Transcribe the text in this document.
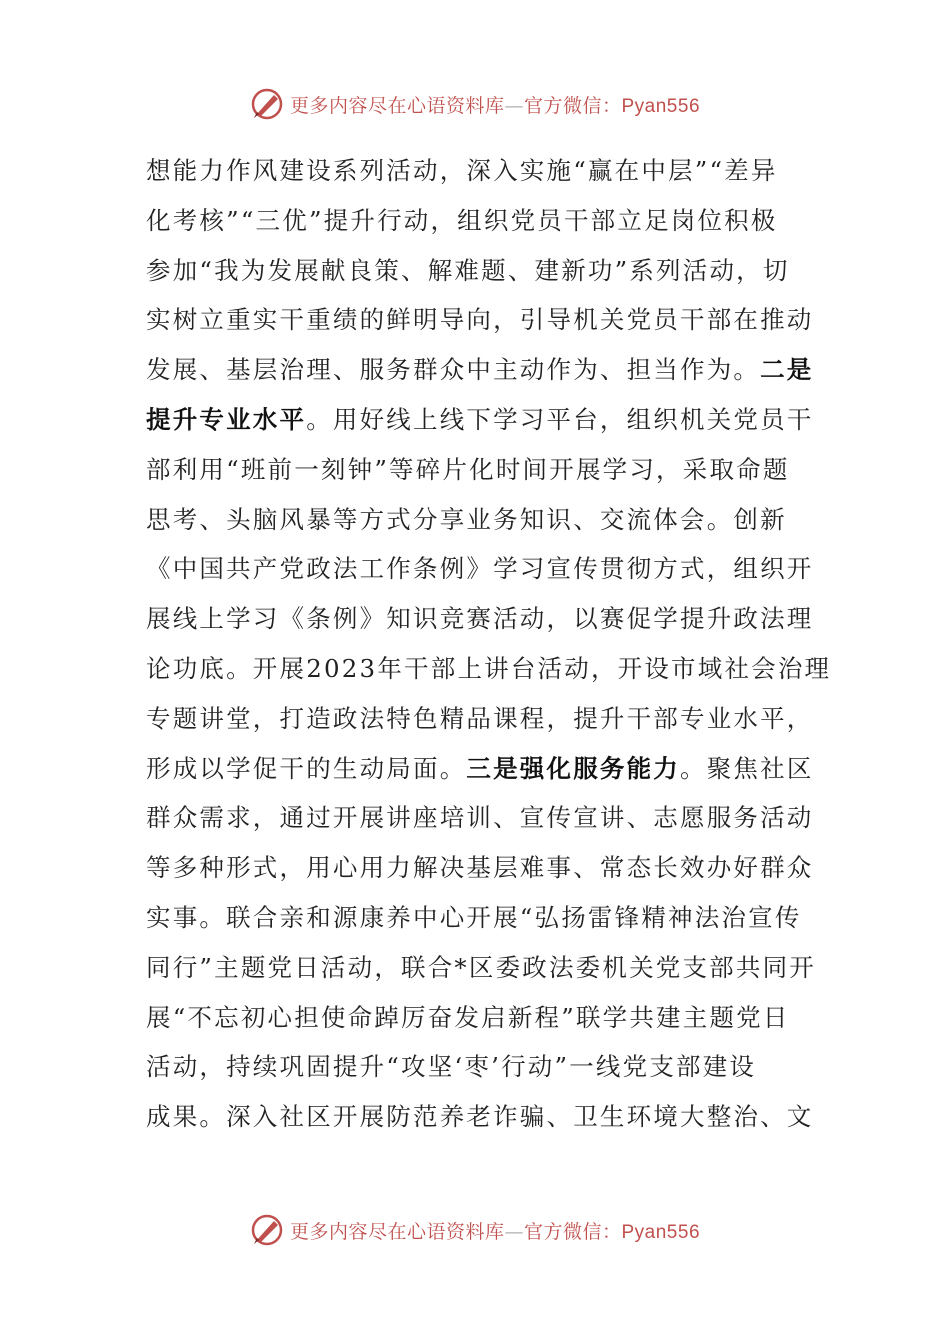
更多内容尽在心语资料库—官方微信：Pyan556
想能力作风建设系列活动，深入实施“赢在中层”“差异
化考核”“三优”提升行动，组织党员干部立足岗位积极
参加“我为发展献良策、解难题、建新功”系列活动，切
实树立重实干重绩的鲜明导向，引导机关党员干部在推动
发展、基层治理、服务群众中主动作为、担当作为。二是
提升专业水平。用好线上线下学习平台，组织机关党员干
部利用“班前一刻钟”等碎片化时间开展学习，采取命题
思考、头脑风暴等方式分享业务知识、交流体会。创新
《中国共产党政法工作条例》学习宣传贯彻方式，组织开
展线上学习《条例》知识竞赛活动，以赛促学提升政法理
论功底。开展2023年干部上讲台活动，开设市域社会治理
专题讲堂，打造政法特色精品课程，提升干部专业水平，
形成以学促干的生动局面。三是强化服务能力。聚焦社区
群众需求，通过开展讲座培训、宣传宣讲、志愿服务活动
等多种形式，用心用力解决基层难事、常态长效办好群众
实事。联合亲和源康养中心开展“弘扬雷锋精神法治宣传
同行”主题党日活动，联合*区委政法委机关党支部共同开
展“不忘初心担使命踔厉奋发启新程”联学共建主题党日
活动，持续巩固提升“攻坚‘枣’行动”一线党支部建设
成果。深入社区开展防范养老诈骗、卫生环境大整治、文
更多内容尽在心语资料库—官方微信：Pyan556
